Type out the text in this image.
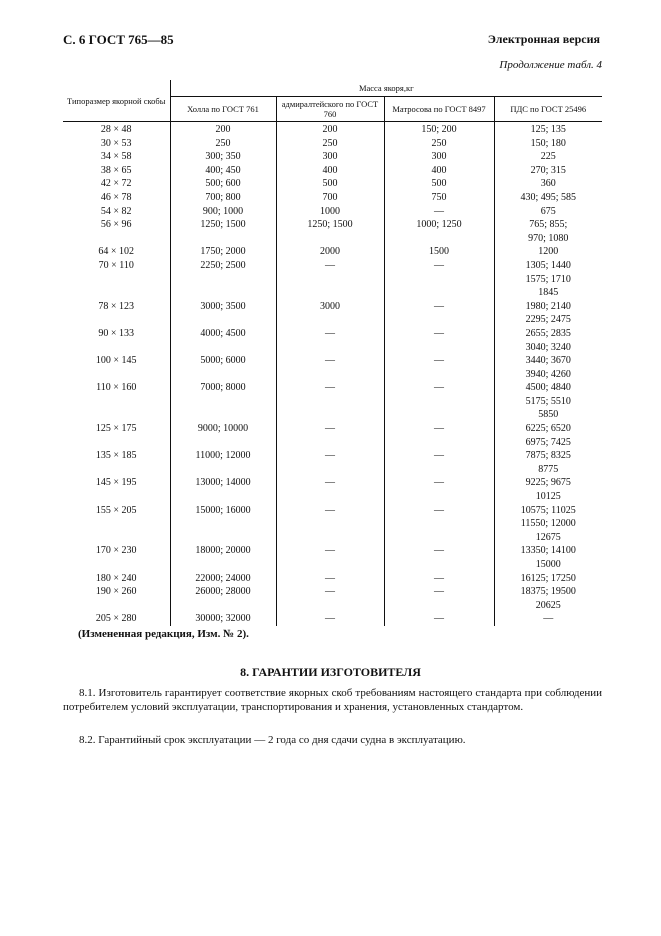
С. 6 ГОСТ 765—85	Электронная версия
Продолжение табл. 4
Типоразмер якорной скобы	Масса якоря,кг			
	Холла по ГОСТ 761	адмиралтейского по ГОСТ 760	Матросова по ГОСТ 8497	ПДС по ГОСТ 25496
28 × 48	200	200	150; 200	125; 135

30 × 53	250	250	250	150; 180

34 × 58	300; 350	300	300	225

38 × 65	400; 450	400	400	270; 315

42 × 72	500; 600	500	500	360

46 × 78	700; 800	700	750	430; 495; 585

54 × 82	900; 1000	1000	—	675

56 × 96	1250; 1500	1250; 1500	1000; 1250	765; 855;
970; 1080

64 × 102	1750; 2000	2000	1500	1200

70 × 110	2250; 2500	—	—	1305; 1440
1575; 1710
1845

78 × 123	3000; 3500	3000	—	1980; 2140
2295; 2475

90 × 133	4000; 4500	—	—	2655; 2835
3040; 3240

100 × 145	5000; 6000	—	—	3440; 3670
3940; 4260

110 × 160	7000; 8000	—	—	4500; 4840
5175; 5510
5850

125 × 175	9000; 10000	—	—	6225; 6520
6975; 7425

135 × 185	11000; 12000	—	—	7875; 8325
8775

145 × 195	13000; 14000	—	—	9225; 9675
10125

155 × 205	15000; 16000	—	—	10575; 11025
11550; 12000
12675

170 × 230	18000; 20000	—	—	13350; 14100
15000

180 × 240	22000; 24000	—	—	16125; 17250

190 × 260	26000; 28000	—	—	18375; 19500
20625

205 × 280	30000; 32000	—	—	—
(Измененная редакция, Изм. № 2).
8. ГАРАНТИИ ИЗГОТОВИТЕЛЯ
8.1. Изготовитель гарантирует соответствие якорных скоб требованиям настоящего стандарта при соблюдении потребителем условий эксплуатации, транспортирования и хранения, установленных стандартом.
8.2. Гарантийный срок эксплуатации — 2 года со дня сдачи судна в эксплуатацию.
